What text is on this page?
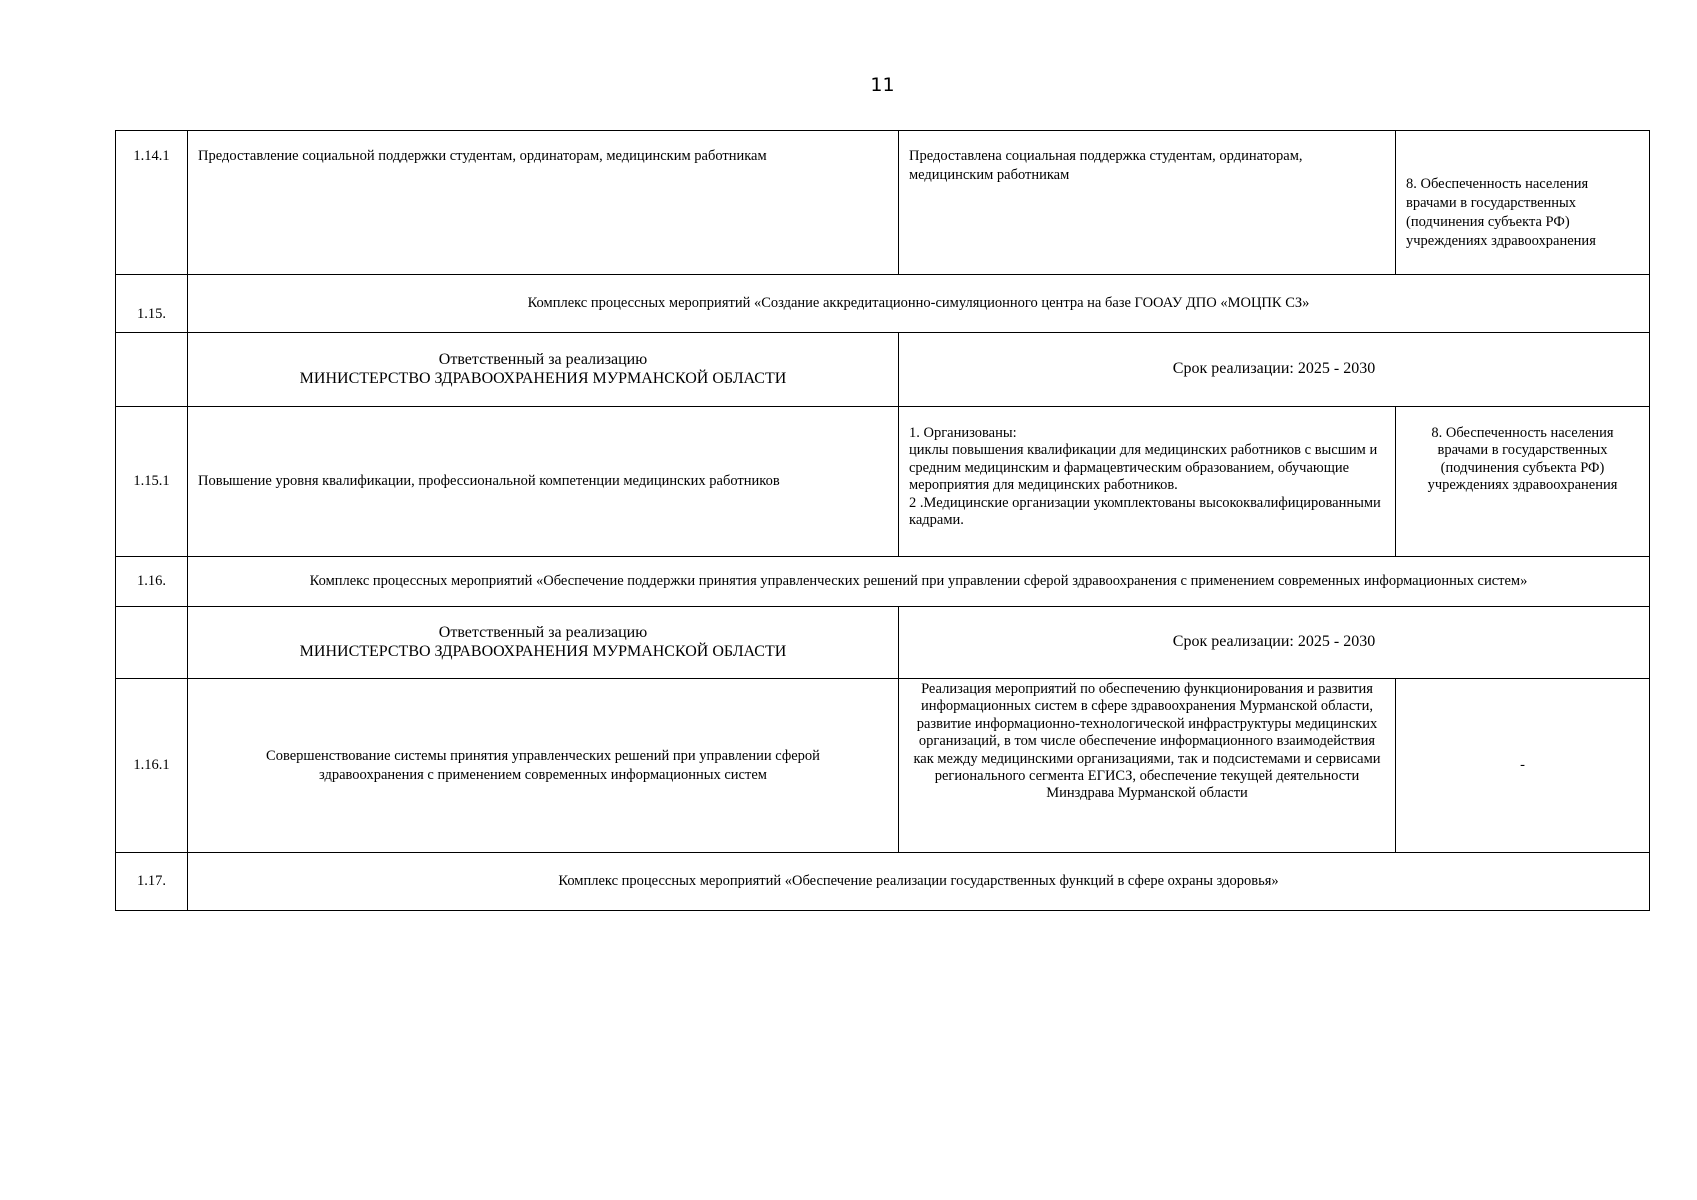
11
1.14.1	Предоставление социальной поддержки студентам, ординаторам, медицинским работникам	Предоставлена социальная поддержка студентам, ординаторам, медицинским работникам	8. Обеспеченность населения врачами в государственных (подчинения субъекта РФ) учреждениях здравоохранения
1.15.	Комплекс процессных мероприятий «Создание аккредитационно-симуляционного центра на базе ГООАУ ДПО «МОЦПК СЗ»		

	Ответственный за реализацию
МИНИСТЕРСТВО ЗДРАВООХРАНЕНИЯ МУРМАНСКОЙ ОБЛАСТИ	Срок реализации: 2025 - 2030	
1.15.1	Повышение уровня квалификации, профессиональной компетенции медицинских работников	1. Организованы:
циклы повышения квалификации для медицинских работников с высшим и средним медицинским и фармацевтическим образованием, обучающие мероприятия для медицинских работников.
2 .Медицинские организации укомплектованы высококвалифицированными кадрами.	8. Обеспеченность населения врачами в государственных (подчинения субъекта РФ) учреждениях здравоохранения
1.16.	Комплекс процессных мероприятий «Обеспечение поддержки принятия управленческих решений при управлении сферой здравоохранения с применением современных информационных систем»		

	Ответственный за реализацию
МИНИСТЕРСТВО ЗДРАВООХРАНЕНИЯ МУРМАНСКОЙ ОБЛАСТИ	Срок реализации: 2025 - 2030	
1.16.1	Совершенствование системы принятия управленческих решений при управлении сферой здравоохранения с применением современных информационных систем	Реализация мероприятий по обеспечению функционирования и развития информационных систем в сфере здравоохранения Мурманской области, развитие информационно-технологической инфраструктуры медицинских организаций, в том числе обеспечение информационного взаимодействия как между медицинскими организациями, так и подсистемами и сервисами регионального сегмента ЕГИСЗ, обеспечение текущей деятельности Минздрава Мурманской области	-
1.17.	Комплекс процессных мероприятий «Обеспечение реализации государственных функций в сфере охраны здоровья»		
